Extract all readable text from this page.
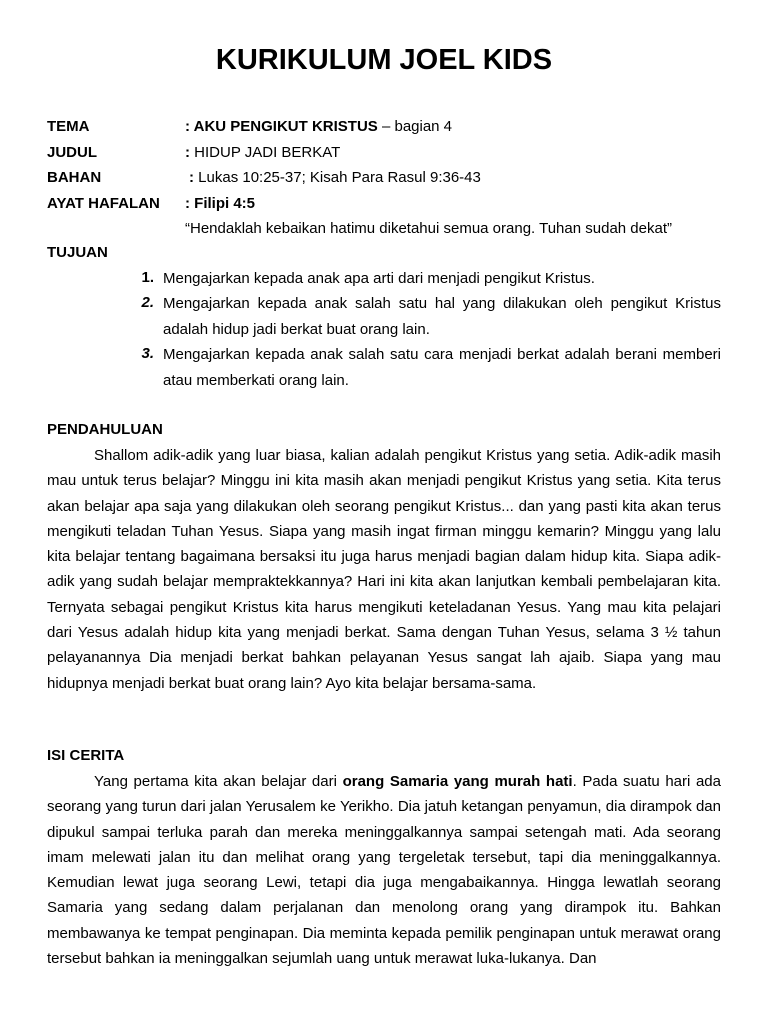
KURIKULUM JOEL KIDS
TEMA	: AKU PENGIKUT KRISTUS – bagian 4
JUDUL	: HIDUP JADI BERKAT
BAHAN	: Lukas 10:25-37; Kisah Para Rasul 9:36-43
AYAT HAFALAN : Filipi 4:5
“Hendaklah kebaikan hatimu diketahui semua orang. Tuhan sudah dekat”
TUJUAN
1. Mengajarkan kepada anak apa arti dari menjadi pengikut Kristus.
2. Mengajarkan kepada anak salah satu hal yang dilakukan oleh pengikut Kristus adalah hidup jadi berkat buat orang lain.
3. Mengajarkan kepada anak salah satu cara menjadi berkat adalah berani memberi atau memberkati orang lain.
PENDAHULUAN

Shallom adik-adik yang luar biasa, kalian adalah pengikut Kristus yang setia. Adik-adik masih mau untuk terus belajar? Minggu ini kita masih akan menjadi pengikut Kristus yang setia. Kita terus akan belajar apa saja yang dilakukan oleh seorang pengikut Kristus... dan yang pasti kita akan terus mengikuti teladan Tuhan Yesus. Siapa yang masih ingat firman minggu kemarin? Minggu yang lalu kita belajar tentang bagaimana bersaksi itu juga harus menjadi bagian dalam hidup kita. Siapa adik-adik yang sudah belajar mempraktekkannya? Hari ini kita akan lanjutkan kembali pembelajaran kita. Ternyata sebagai pengikut Kristus kita harus mengikuti keteladanan Yesus. Yang mau kita pelajari dari Yesus adalah hidup kita yang menjadi berkat. Sama dengan Tuhan Yesus, selama 3 ½ tahun pelayanannya Dia menjadi berkat bahkan pelayanan Yesus sangat lah ajaib. Siapa yang mau hidupnya menjadi berkat buat orang lain? Ayo kita belajar bersama-sama.

ISI CERITA

Yang pertama kita akan belajar dari orang Samaria yang murah hati. Pada suatu hari ada seorang yang turun dari jalan Yerusalem ke Yerikho. Dia jatuh ketangan penyamun, dia dirampok dan dipukul sampai terluka parah dan mereka meninggalkannya sampai setengah mati. Ada seorang imam melewati jalan itu dan melihat orang yang tergeletak tersebut, tapi dia meninggalkannya. Kemudian lewat juga seorang Lewi, tetapi dia juga mengabaikannya. Hingga lewatlah seorang Samaria yang sedang dalam perjalanan dan menolong orang yang dirampok itu. Bahkan membawanya ke tempat penginapan. Dia meminta kepada pemilik penginapan untuk merawat orang tersebut bahkan ia meninggalkan sejumlah uang untuk merawat luka-lukanya. Dan
